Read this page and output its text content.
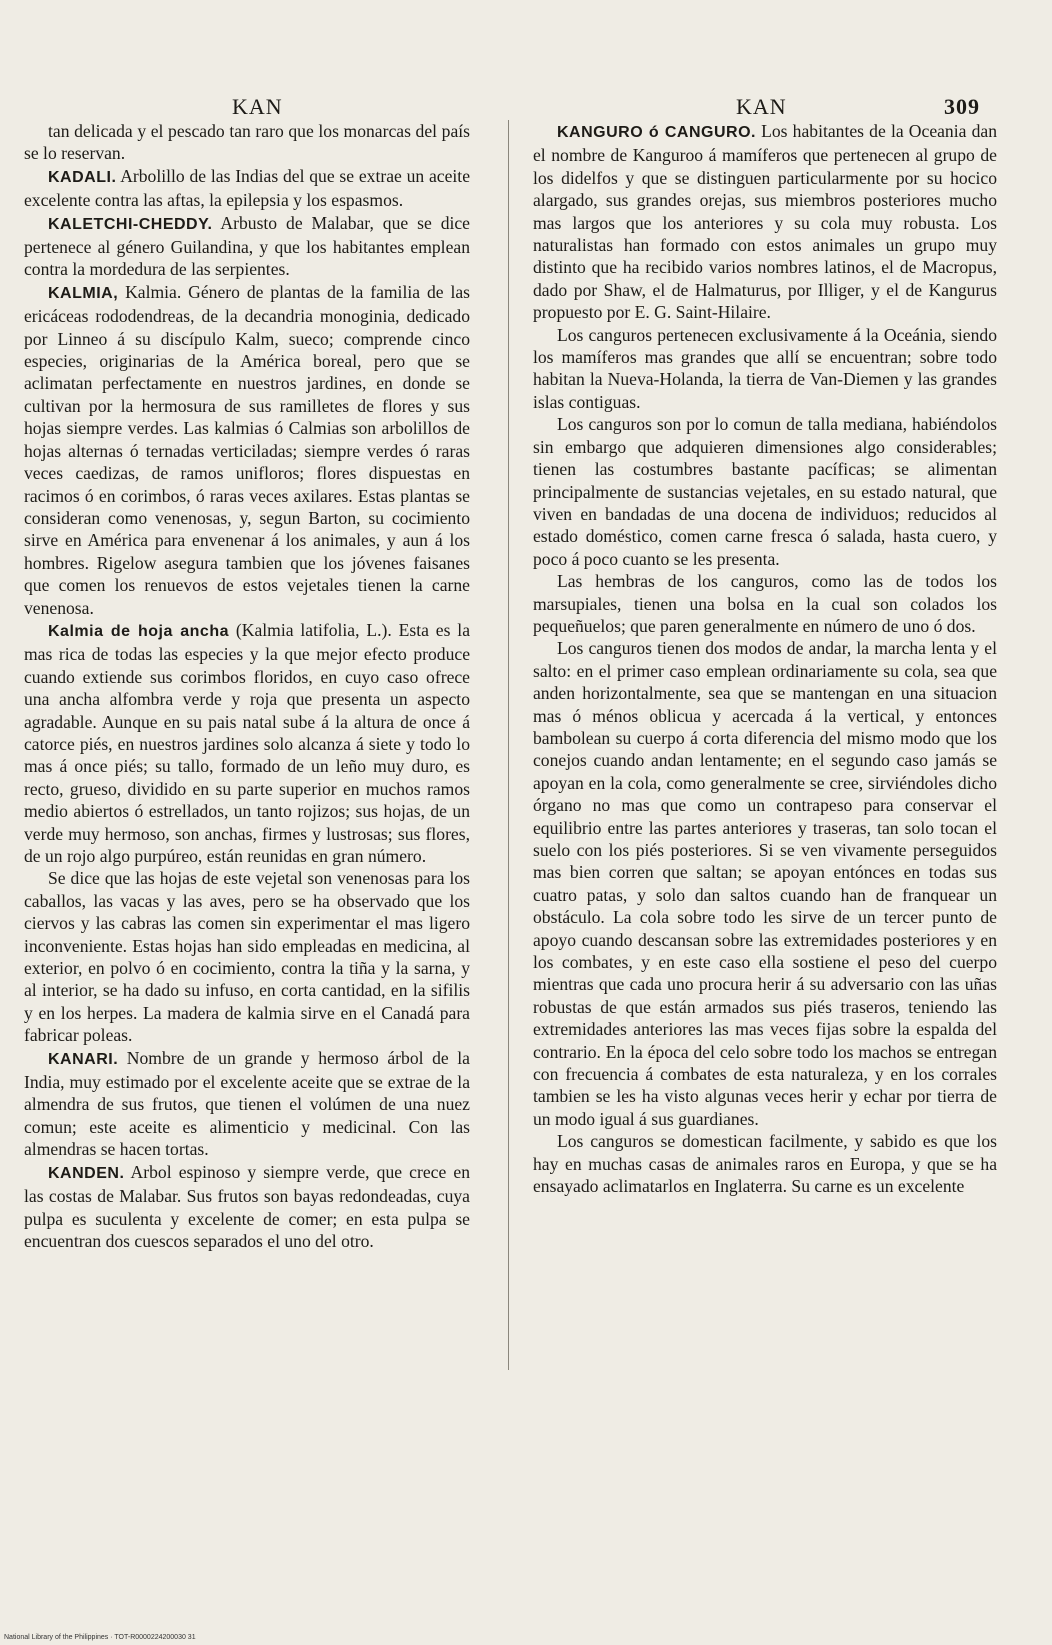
KAN	KAN	309

tan delicada y el pescado tan raro que los monarcas del país se lo reservan.

KADALI. Arbolillo de las Indias del que se extrae un aceite excelente contra las aftas, la epilepsia y los espasmos.

KALETCHI-CHEDDY. Arbusto de Malabar, que se dice pertenece al género Guilandina, y que los habitantes emplean contra la mordedura de las serpientes.

KALMIA, Kalmia. Género de plantas de la familia de las ericáceas rododendreas, de la decandria monoginia, dedicado por Linneo á su discípulo Kalm, sueco; comprende cinco especies, originarias de la América boreal, pero que se aclimatan perfectamente en nuestros jardines, en donde se cultivan por la hermosura de sus ramilletes de flores y sus hojas siempre verdes. Las kalmias ó Calmias son arbolillos de hojas alternas ó ternadas verticiladas; siempre verdes ó raras veces caedizas, de ramos unifloros; flores dispuestas en racimos ó en corimbos, ó raras veces axilares. Estas plantas se consideran como venenosas, y, segun Barton, su cocimiento sirve en América para envenenar á los animales, y aun á los hombres. Rigelow asegura tambien que los jóvenes faisanes que comen los renuevos de estos vejetales tienen la carne venenosa.

Kalmia de hoja ancha (Kalmia latifolia, L.). Esta es la mas rica de todas las especies y la que mejor efecto produce cuando extiende sus corimbos floridos, en cuyo caso ofrece una ancha alfombra verde y roja que presenta un aspecto agradable. Aunque en su pais natal sube á la altura de once á catorce piés, en nuestros jardines solo alcanza á siete y todo lo mas á once piés; su tallo, formado de un leño muy duro, es recto, grueso, dividido en su parte superior en muchos ramos medio abiertos ó estrellados, un tanto rojizos; sus hojas, de un verde muy hermoso, son anchas, firmes y lustrosas; sus flores, de un rojo algo purpúreo, están reunidas en gran número.

Se dice que las hojas de este vejetal son venenosas para los caballos, las vacas y las aves, pero se ha observado que los ciervos y las cabras las comen sin experimentar el mas ligero inconveniente. Estas hojas han sido empleadas en medicina, al exterior, en polvo ó en cocimiento, contra la tiña y la sarna, y al interior, se ha dado su infuso, en corta cantidad, en la sifilis y en los herpes. La madera de kalmia sirve en el Canadá para fabricar poleas.

KANARI. Nombre de un grande y hermoso árbol de la India, muy estimado por el excelente aceite que se extrae de la almendra de sus frutos, que tienen el volúmen de una nuez comun; este aceite es alimenticio y medicinal. Con las almendras se hacen tortas.

KANDEN. Arbol espinoso y siempre verde, que crece en las costas de Malabar. Sus frutos son bayas redondeadas, cuya pulpa es suculenta y excelente de comer; en esta pulpa se encuentran dos cuescos separados el uno del otro.

KANGURO ó CANGURO. Los habitantes de la Oceania dan el nombre de Kanguroo á mamíferos que pertenecen al grupo de los didelfos y que se distinguen particularmente por su hocico alargado, sus grandes orejas, sus miembros posteriores mucho mas largos que los anteriores y su cola muy robusta. Los naturalistas han formado con estos animales un grupo muy distinto que ha recibido varios nombres latinos, el de Macropus, dado por Shaw, el de Halmaturus, por Illiger, y el de Kangurus propuesto por E. G. Saint-Hilaire.

Los canguros pertenecen exclusivamente á la Oceánia, siendo los mamíferos mas grandes que allí se encuentran; sobre todo habitan la Nueva-Holanda, la tierra de Van-Diemen y las grandes islas contiguas.

Los canguros son por lo comun de talla mediana, habiéndolos sin embargo que adquieren dimensiones algo considerables; tienen las costumbres bastante pacíficas; se alimentan principalmente de sustancias vejetales, en su estado natural, que viven en bandadas de una docena de individuos; reducidos al estado doméstico, comen carne fresca ó salada, hasta cuero, y poco á poco cuanto se les presenta.

Las hembras de los canguros, como las de todos los marsupiales, tienen una bolsa en la cual son colados los pequeñuelos; que paren generalmente en número de uno ó dos.

Los canguros tienen dos modos de andar, la marcha lenta y el salto: en el primer caso emplean ordinariamente su cola, sea que anden horizontalmente, sea que se mantengan en una situacion mas ó ménos oblicua y acercada á la vertical, y entonces bambolean su cuerpo á corta diferencia del mismo modo que los conejos cuando andan lentamente; en el segundo caso jamás se apoyan en la cola, como generalmente se cree, sirviéndoles dicho órgano no mas que como un contrapeso para conservar el equilibrio entre las partes anteriores y traseras, tan solo tocan el suelo con los piés posteriores. Si se ven vivamente perseguidos mas bien corren que saltan; se apoyan entónces en todas sus cuatro patas, y solo dan saltos cuando han de franquear un obstáculo. La cola sobre todo les sirve de un tercer punto de apoyo cuando descansan sobre las extremidades posteriores y en los combates, y en este caso ella sostiene el peso del cuerpo mientras que cada uno procura herir á su adversario con las uñas robustas de que están armados sus piés traseros, teniendo las extremidades anteriores las mas veces fijas sobre la espalda del contrario. En la época del celo sobre todo los machos se entregan con frecuencia á combates de esta naturaleza, y en los corrales tambien se les ha visto algunas veces herir y echar por tierra de un modo igual á sus guardianes.

Los canguros se domestican facilmente, y sabido es que los hay en muchas casas de animales raros en Europa, y que se ha ensayado aclimatarlos en Inglaterra. Su carne es un excelente

National Library of the Philippines · TOT-R0000224200030 31
